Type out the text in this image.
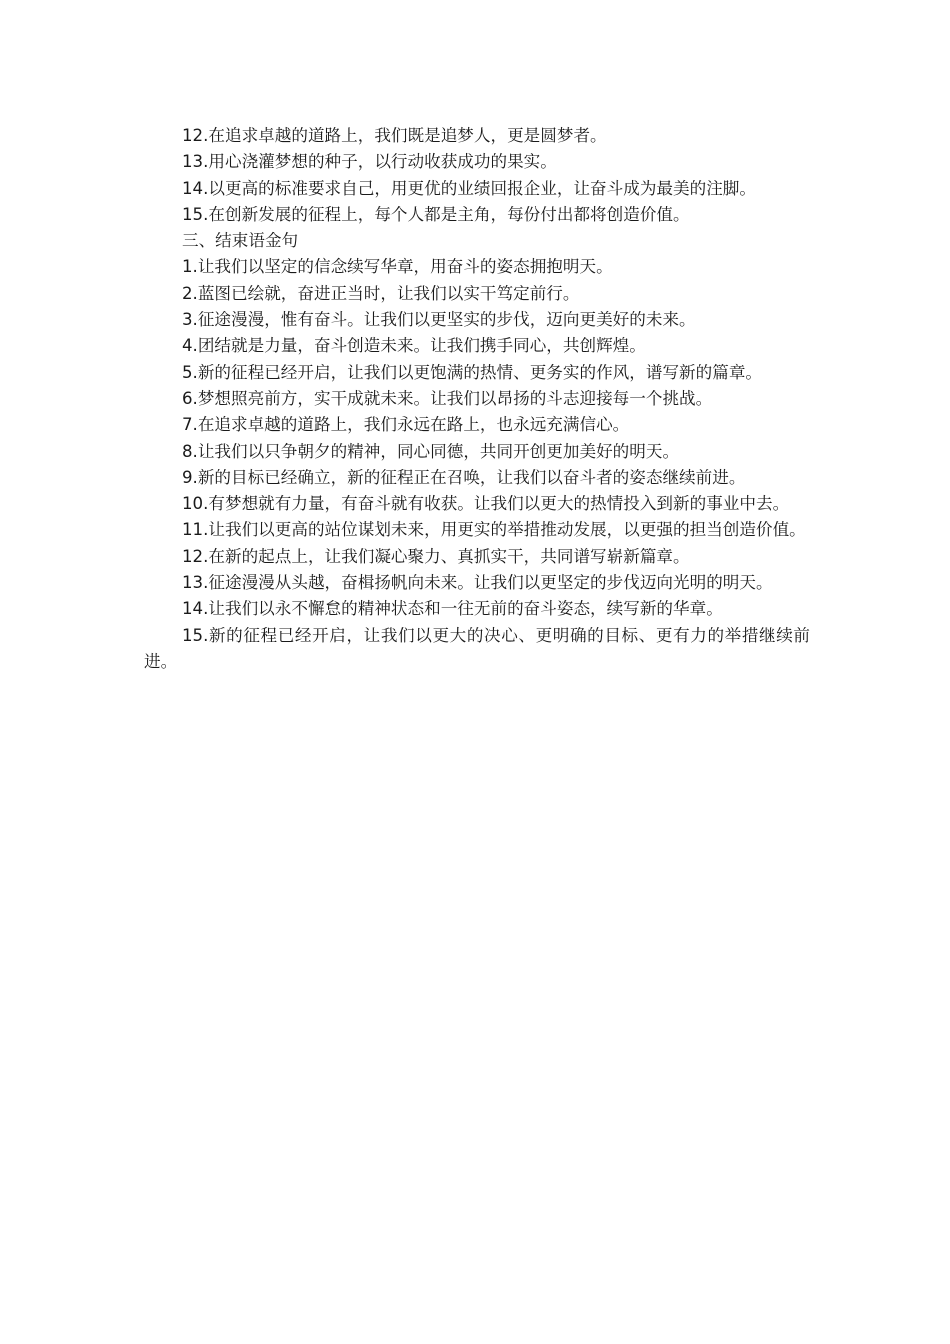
12.在追求卓越的道路上，我们既是追梦人，更是圆梦者。

13.用心浇灌梦想的种子，以行动收获成功的果实。

14.以更高的标准要求自己，用更优的业绩回报企业，让奋斗成为最美的注脚。

15.在创新发展的征程上，每个人都是主角，每份付出都将创造价值。

三、结束语金句

1.让我们以坚定的信念续写华章，用奋斗的姿态拥抱明天。

2.蓝图已绘就，奋进正当时，让我们以实干笃定前行。

3.征途漫漫，惟有奋斗。让我们以更坚实的步伐，迈向更美好的未来。

4.团结就是力量，奋斗创造未来。让我们携手同心，共创辉煌。

5.新的征程已经开启，让我们以更饱满的热情、更务实的作风，谱写新的篇章。

6.梦想照亮前方，实干成就未来。让我们以昂扬的斗志迎接每一个挑战。

7.在追求卓越的道路上，我们永远在路上，也永远充满信心。

8.让我们以只争朝夕的精神，同心同德，共同开创更加美好的明天。

9.新的目标已经确立，新的征程正在召唤，让我们以奋斗者的姿态继续前进。

10.有梦想就有力量，有奋斗就有收获。让我们以更大的热情投入到新的事业中去。

11.让我们以更高的站位谋划未来，用更实的举措推动发展，以更强的担当创造价值。

12.在新的起点上，让我们凝心聚力、真抓实干，共同谱写崭新篇章。

13.征途漫漫从头越，奋楫扬帆向未来。让我们以更坚定的步伐迈向光明的明天。

14.让我们以永不懈怠的精神状态和一往无前的奋斗姿态，续写新的华章。

15.新的征程已经开启，让我们以更大的决心、更明确的目标、更有力的举措继续前进。
